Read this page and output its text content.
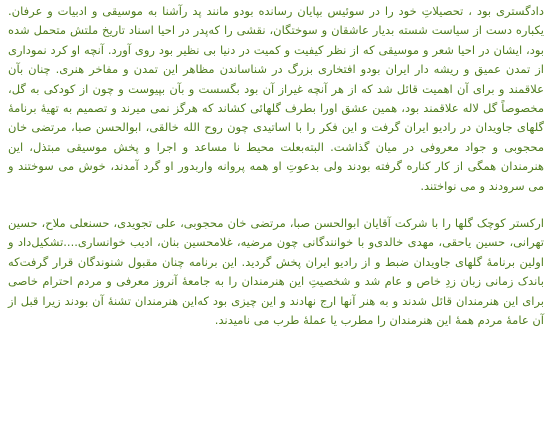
دادگستری بود ، تحصیلاتِ خود را در سوئیس بپایان رسانده بودو مانند پد رآشنا به موسیقی و ادبیات و عرفان. یکباره دست از سیاست شسته بدیار عاشقان و سوختگان، نقشی را که‌پدر در احیا اسناد تاریخ ملتش متحمل شده بود، ایشان در احیا شعر و موسیقی که از نظر کیفیت‌ و کمیت در دنیا بی نظیر بود روی آورد. آنچه او کرد نموداری از تمدن عمیق و ریشه دار ایران بودو افتخاری بزرگ در شناساندن مظاهر این تمدن و مفاخر هنری. چنان بآن علاقمند و برای آن اهمیت قائل شد که از هر آنچه غیراز آن بود بگسست و بآن بپیوست و چون از کودکی به گل، مخصوصاً گل لاله علاقمند بود، همین عشق اورا بطرف گلهائی کشاند که هرگز نمی میرند و تصمیم به تهیهٔ برنامهٔ گلهای جاویدان در رادیو ایران گرفت و این فکر را با اساتیدی چون روح الله خالقی، ابوالحسن صبا، مرتضی خان محجوبی و جواد معروفی در میان گذاشت. البته‌بعلت محیط نا مساعد و اجرا و پخش موسیقی مبتذل، این هنرمندان همگی از کار کناره گرفته بودند ولی بدعوتِ او همه پروانه واربدور او گرد آمدند، خوش می سوختند و می سرودند و می نواختند.

ارکستر کوچک گلها را با شرکت آقایان ابوالحسن صبا، مرتضی خان محجوبی، علی تجویدی، حسنعلی ملاح، حسین تهرانی، حسین یاحقی، مهدی خالدی‌و با خوانندگانی چون مرضیه، غلامحسین بنان، ادیب خوانساری....تشکیل‌داد و اولین برنامهٔ گلهای جاویدان ضبط و از رادیو ایران پخش گردید. این برنامه چنان مقبول شنوندگان قرار گرفت‌که باندک زمانی زبان زدِ خاص و عام شد و شخصیتِ این هنرمندان را به جامعهٔ آنروز معرفی و مردم احترام خاصی برای این هنرمندان قائل شدند و به هنر آنها ارج نهادند و این چیزی بود که‌این هنرمندان تشنهٔ آن بودند زیرا قبل از آن عامهٔ مردم همهٔ این هنرمندان را مطرب یا عملهٔ طرب می نامیدند.
